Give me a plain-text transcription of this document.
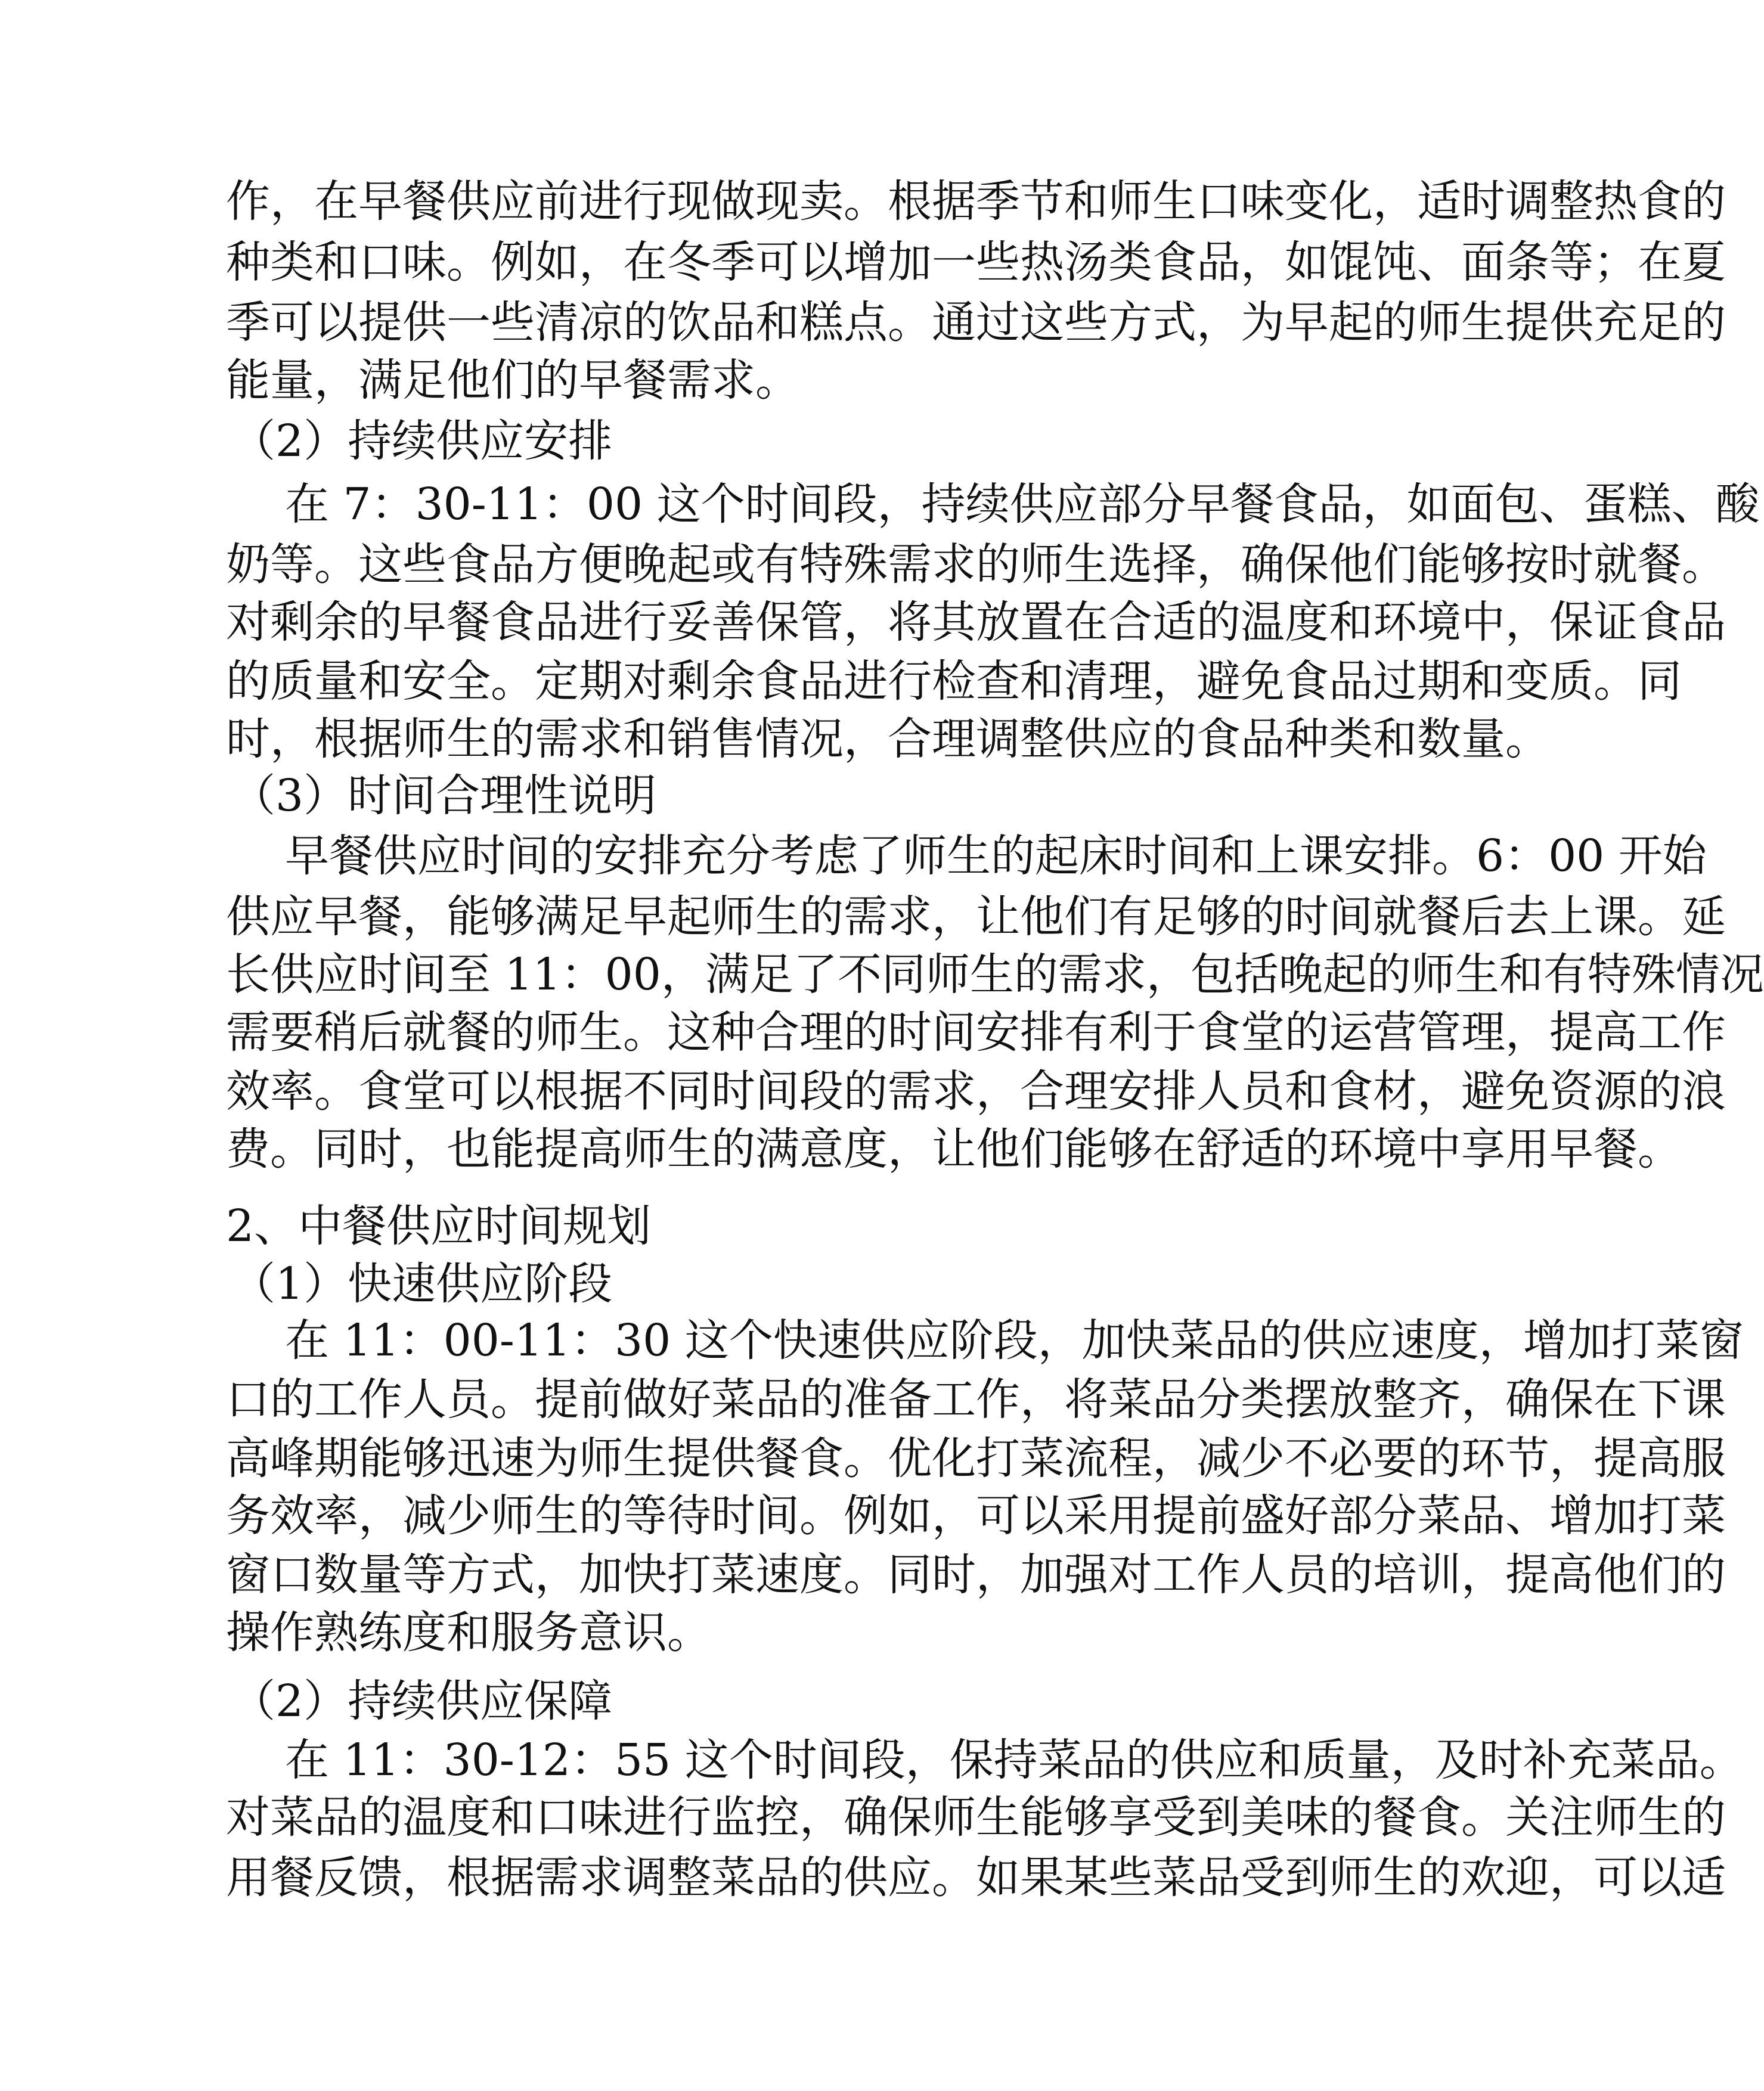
作，在早餐供应前进行现做现卖。根据季节和师生口味变化，适时调整热食的
种类和口味。例如，在冬季可以增加一些热汤类食品，如馄饨、面条等；在夏
季可以提供一些清凉的饮品和糕点。通过这些方式，为早起的师生提供充足的
能量，满足他们的早餐需求。
（2）持续供应安排
在 7：30-11：00 这个时间段，持续供应部分早餐食品，如面包、蛋糕、酸
奶等。这些食品方便晚起或有特殊需求的师生选择，确保他们能够按时就餐。
对剩余的早餐食品进行妥善保管，将其放置在合适的温度和环境中，保证食品
的质量和安全。定期对剩余食品进行检查和清理，避免食品过期和变质。同
时，根据师生的需求和销售情况，合理调整供应的食品种类和数量。
（3）时间合理性说明
早餐供应时间的安排充分考虑了师生的起床时间和上课安排。6：00 开始
供应早餐，能够满足早起师生的需求，让他们有足够的时间就餐后去上课。延
长供应时间至 11：00，满足了不同师生的需求，包括晚起的师生和有特殊情况
需要稍后就餐的师生。这种合理的时间安排有利于食堂的运营管理，提高工作
效率。食堂可以根据不同时间段的需求，合理安排人员和食材，避免资源的浪
费。同时，也能提高师生的满意度，让他们能够在舒适的环境中享用早餐。
2、中餐供应时间规划
（1）快速供应阶段
在 11：00-11：30 这个快速供应阶段，加快菜品的供应速度，增加打菜窗
口的工作人员。提前做好菜品的准备工作，将菜品分类摆放整齐，确保在下课
高峰期能够迅速为师生提供餐食。优化打菜流程，减少不必要的环节，提高服
务效率，减少师生的等待时间。例如，可以采用提前盛好部分菜品、增加打菜
窗口数量等方式，加快打菜速度。同时，加强对工作人员的培训，提高他们的
操作熟练度和服务意识。
（2）持续供应保障
在 11：30-12：55 这个时间段，保持菜品的供应和质量，及时补充菜品。
对菜品的温度和口味进行监控，确保师生能够享受到美味的餐食。关注师生的
用餐反馈，根据需求调整菜品的供应。如果某些菜品受到师生的欢迎，可以适
